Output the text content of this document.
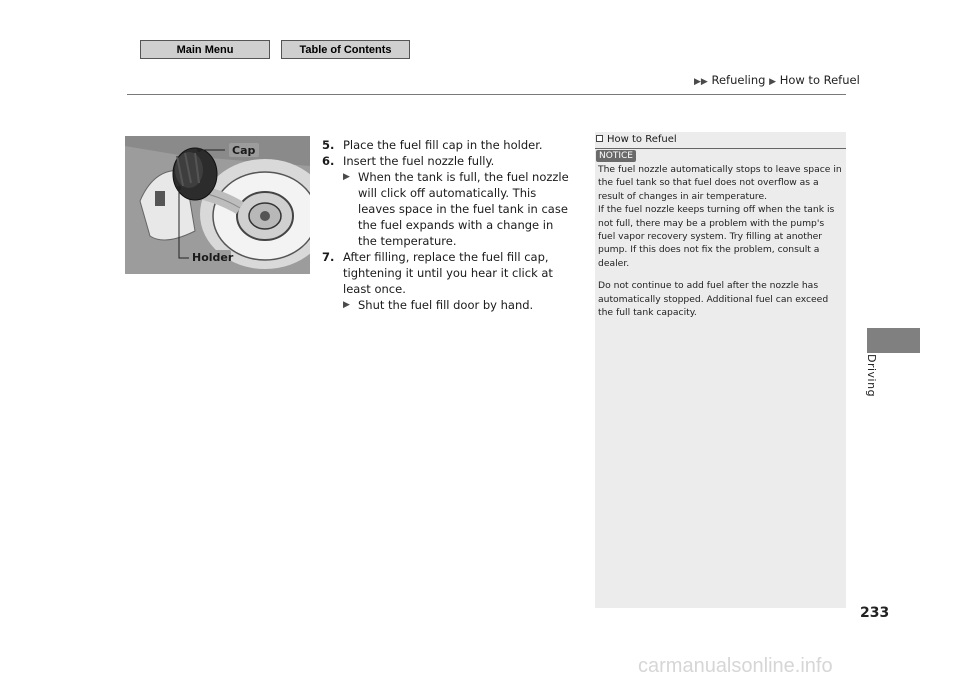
Main Menu	Table of Contents
▶▶ Refueling ▶ How to Refuel
Cap
Holder
5. Place the fuel fill cap in the holder.
6. Insert the fuel nozzle fully.
▶ When the tank is full, the fuel nozzle will click off automatically. This leaves space in the fuel tank in case the fuel expands with a change in the temperature.
7. After filling, replace the fuel fill cap, tightening it until you hear it click at least once.
▶ Shut the fuel fill door by hand.
How to Refuel
NOTICE

The fuel nozzle automatically stops to leave space in the fuel tank so that fuel does not overflow as a result of changes in air temperature.

If the fuel nozzle keeps turning off when the tank is not full, there may be a problem with the pump's fuel vapor recovery system. Try filling at another pump. If this does not fix the problem, consult a dealer.

Do not continue to add fuel after the nozzle has automatically stopped. Additional fuel can exceed the full tank capacity.

Driving
233
carmanualsonline.info
